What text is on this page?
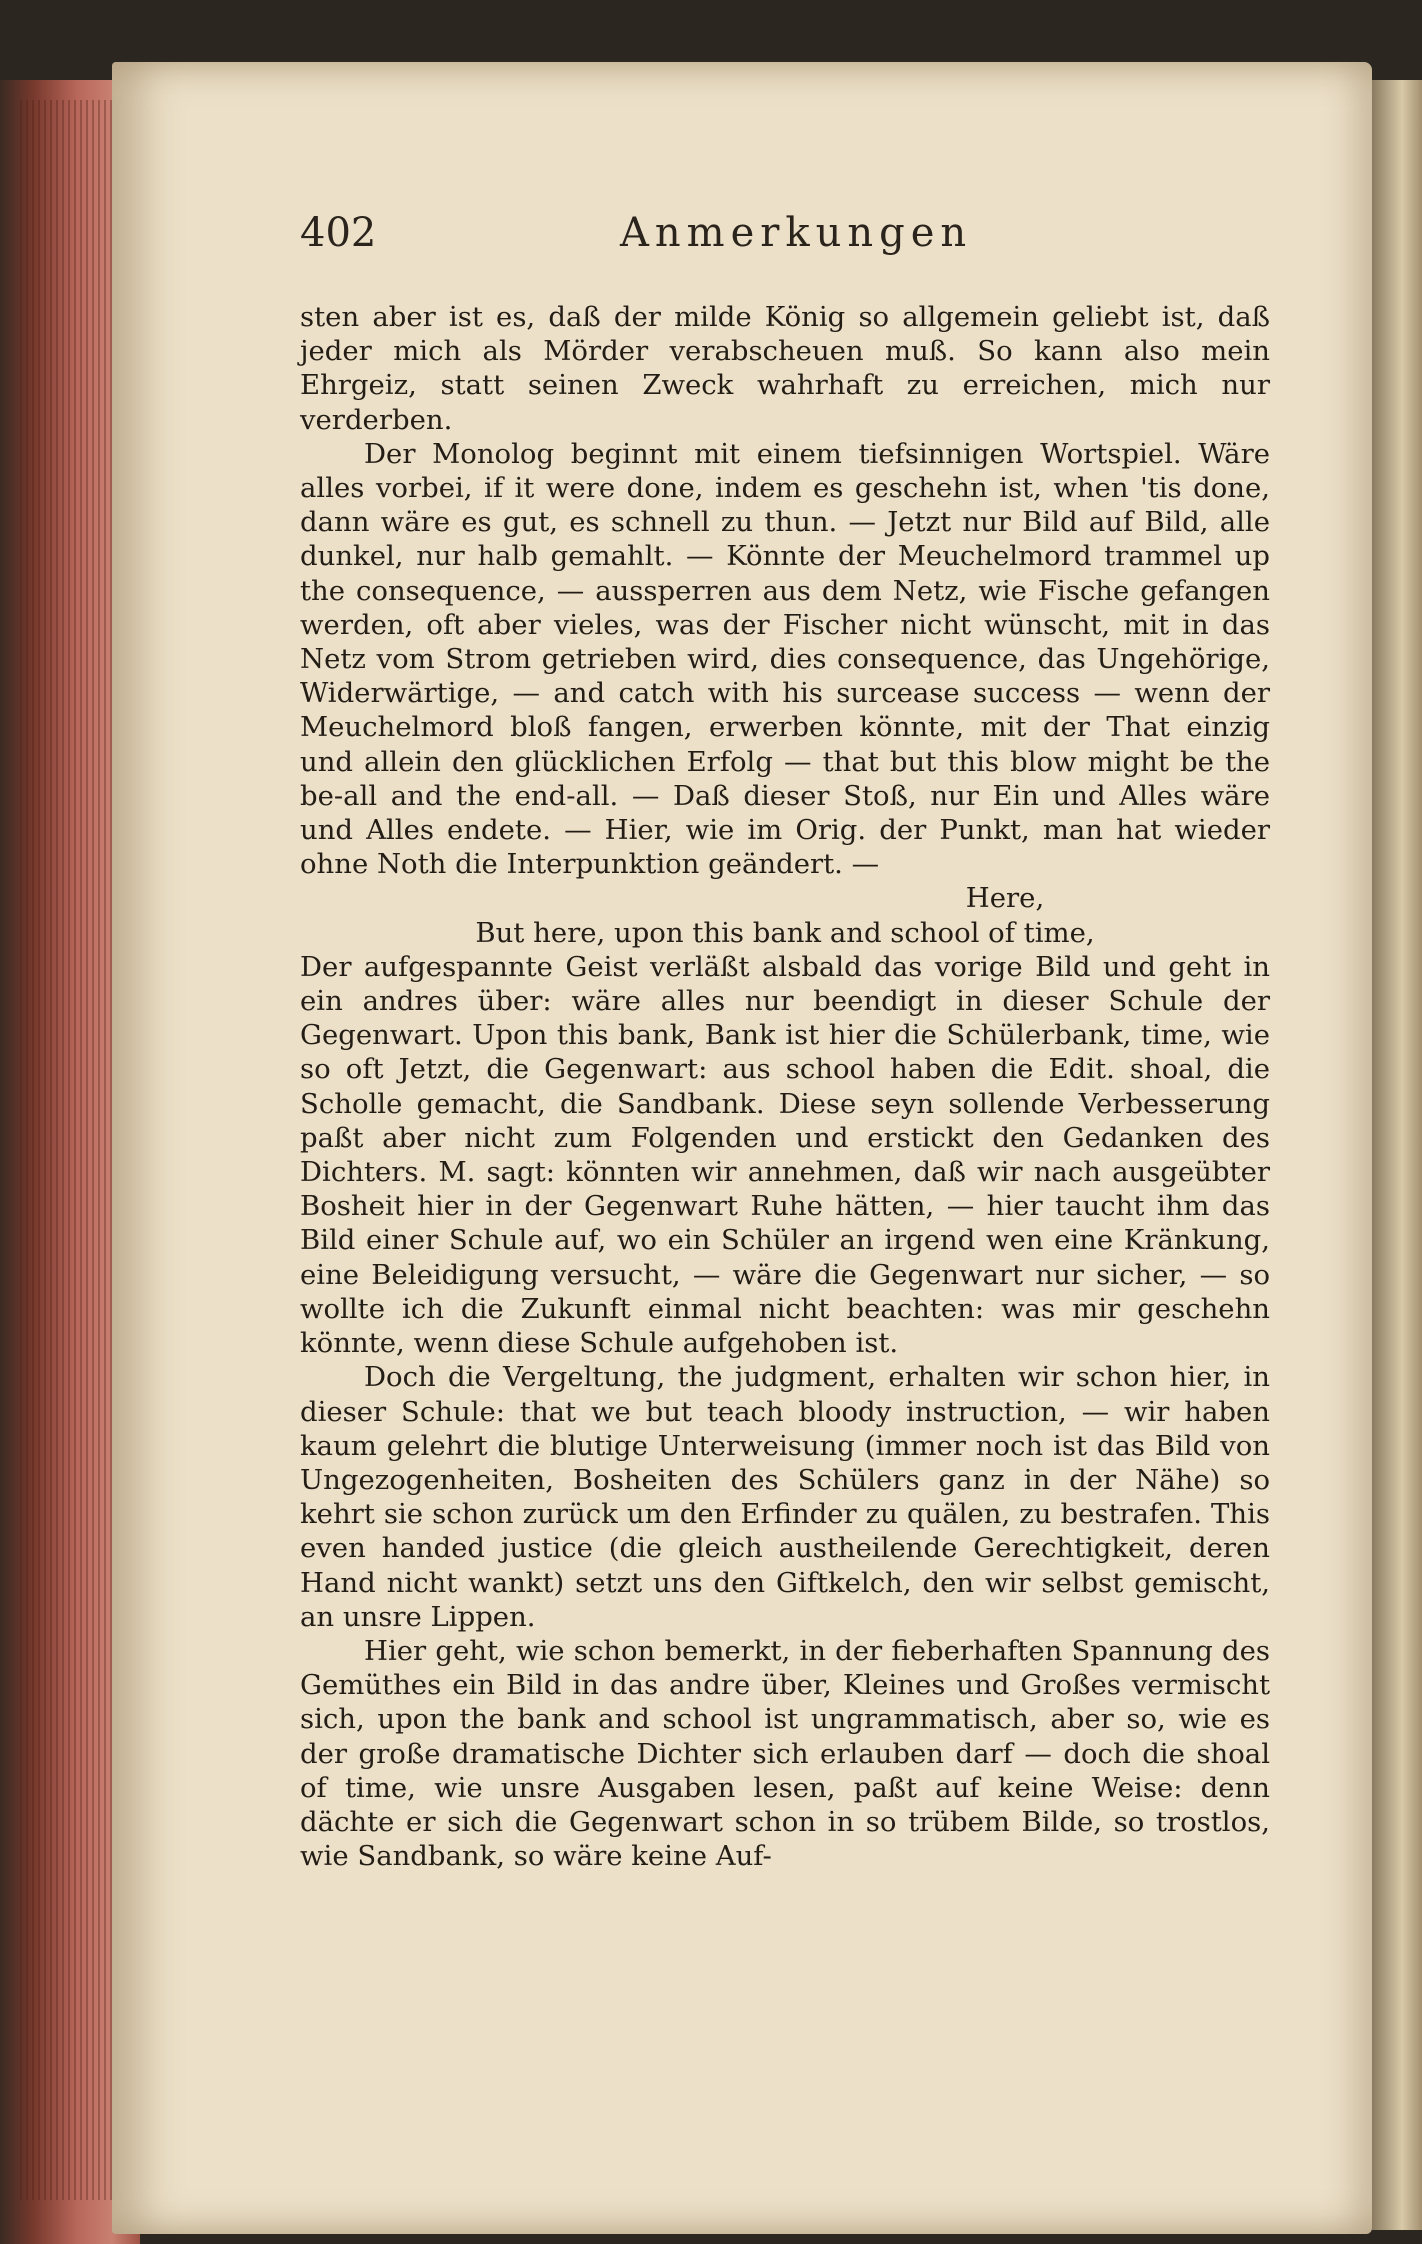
402	Anmerkungen

sten aber ist es, daß der milde König so allgemein geliebt ist, daß jeder mich als Mörder verabscheuen muß. So kann also mein Ehrgeiz, statt seinen Zweck wahrhaft zu erreichen, mich nur verderben.

Der Monolog beginnt mit einem tiefsinnigen Wortspiel. Wäre alles vorbei, if it were done, indem es geschehn ist, when 'tis done, dann wäre es gut, es schnell zu thun. — Jetzt nur Bild auf Bild, alle dunkel, nur halb gemahlt. — Könnte der Meuchelmord trammel up the consequence, — aussperren aus dem Netz, wie Fische gefangen werden, oft aber vieles, was der Fischer nicht wünscht, mit in das Netz vom Strom getrieben wird, dies consequence, das Ungehörige, Widerwärtige, — and catch with his surcease success — wenn der Meuchelmord bloß fangen, erwerben könnte, mit der That einzig und allein den glücklichen Erfolg — that but this blow might be the be-all and the end-all. — Daß dieser Stoß, nur Ein und Alles wäre und Alles endete. — Hier, wie im Orig. der Punkt, man hat wieder ohne Noth die Interpunktion geändert. —

Here,

But here, upon this bank and school of time,

Der aufgespannte Geist verläßt alsbald das vorige Bild und geht in ein andres über: wäre alles nur beendigt in dieser Schule der Gegenwart. Upon this bank, Bank ist hier die Schülerbank, time, wie so oft Jetzt, die Gegenwart: aus school haben die Edit. shoal, die Scholle gemacht, die Sandbank. Diese seyn sollende Verbesserung paßt aber nicht zum Folgenden und erstickt den Gedanken des Dichters. M. sagt: könnten wir annehmen, daß wir nach ausgeübter Bosheit hier in der Gegenwart Ruhe hätten, — hier taucht ihm das Bild einer Schule auf, wo ein Schüler an irgend wen eine Kränkung, eine Beleidigung versucht, — wäre die Gegenwart nur sicher, — so wollte ich die Zukunft einmal nicht beachten: was mir geschehn könnte, wenn diese Schule aufgehoben ist.

Doch die Vergeltung, the judgment, erhalten wir schon hier, in dieser Schule: that we but teach bloody instruction, — wir haben kaum gelehrt die blutige Unterweisung (immer noch ist das Bild von Ungezogenheiten, Bosheiten des Schülers ganz in der Nähe) so kehrt sie schon zurück um den Erfinder zu quälen, zu bestrafen. This even handed justice (die gleich austheilende Gerechtigkeit, deren Hand nicht wankt) setzt uns den Giftkelch, den wir selbst gemischt, an unsre Lippen.

Hier geht, wie schon bemerkt, in der fieberhaften Spannung des Gemüthes ein Bild in das andre über, Kleines und Großes vermischt sich, upon the bank and school ist ungrammatisch, aber so, wie es der große dramatische Dichter sich erlauben darf — doch die shoal of time, wie unsre Ausgaben lesen, paßt auf keine Weise: denn dächte er sich die Gegenwart schon in so trübem Bilde, so trostlos, wie Sandbank, so wäre keine Auf-
